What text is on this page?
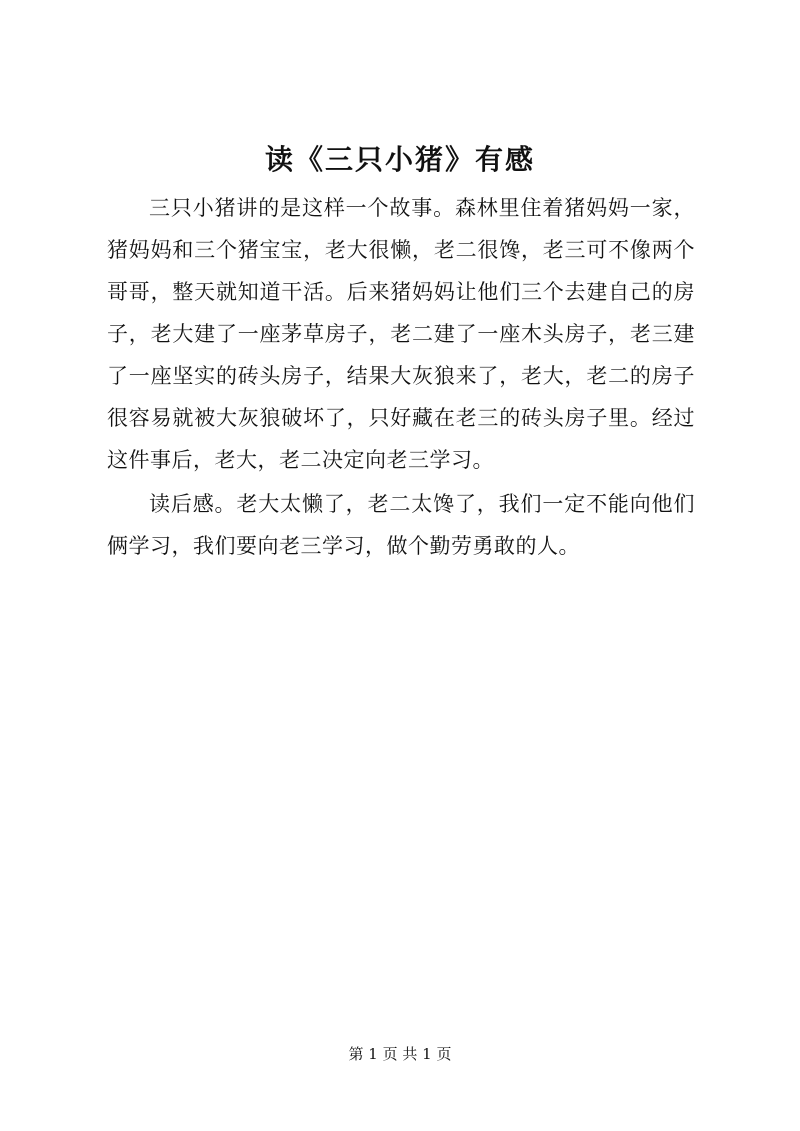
读《三只小猪》有感

三只小猪讲的是这样一个故事。森林里住着猪妈妈一家，猪妈妈和三个猪宝宝，老大很懒，老二很馋，老三可不像两个哥哥，整天就知道干活。后来猪妈妈让他们三个去建自己的房子，老大建了一座茅草房子，老二建了一座木头房子，老三建了一座坚实的砖头房子，结果大灰狼来了，老大，老二的房子很容易就被大灰狼破坏了，只好藏在老三的砖头房子里。经过这件事后，老大，老二决定向老三学习。

读后感。老大太懒了，老二太馋了，我们一定不能向他们俩学习，我们要向老三学习，做个勤劳勇敢的人。

第 1 页 共 1 页
